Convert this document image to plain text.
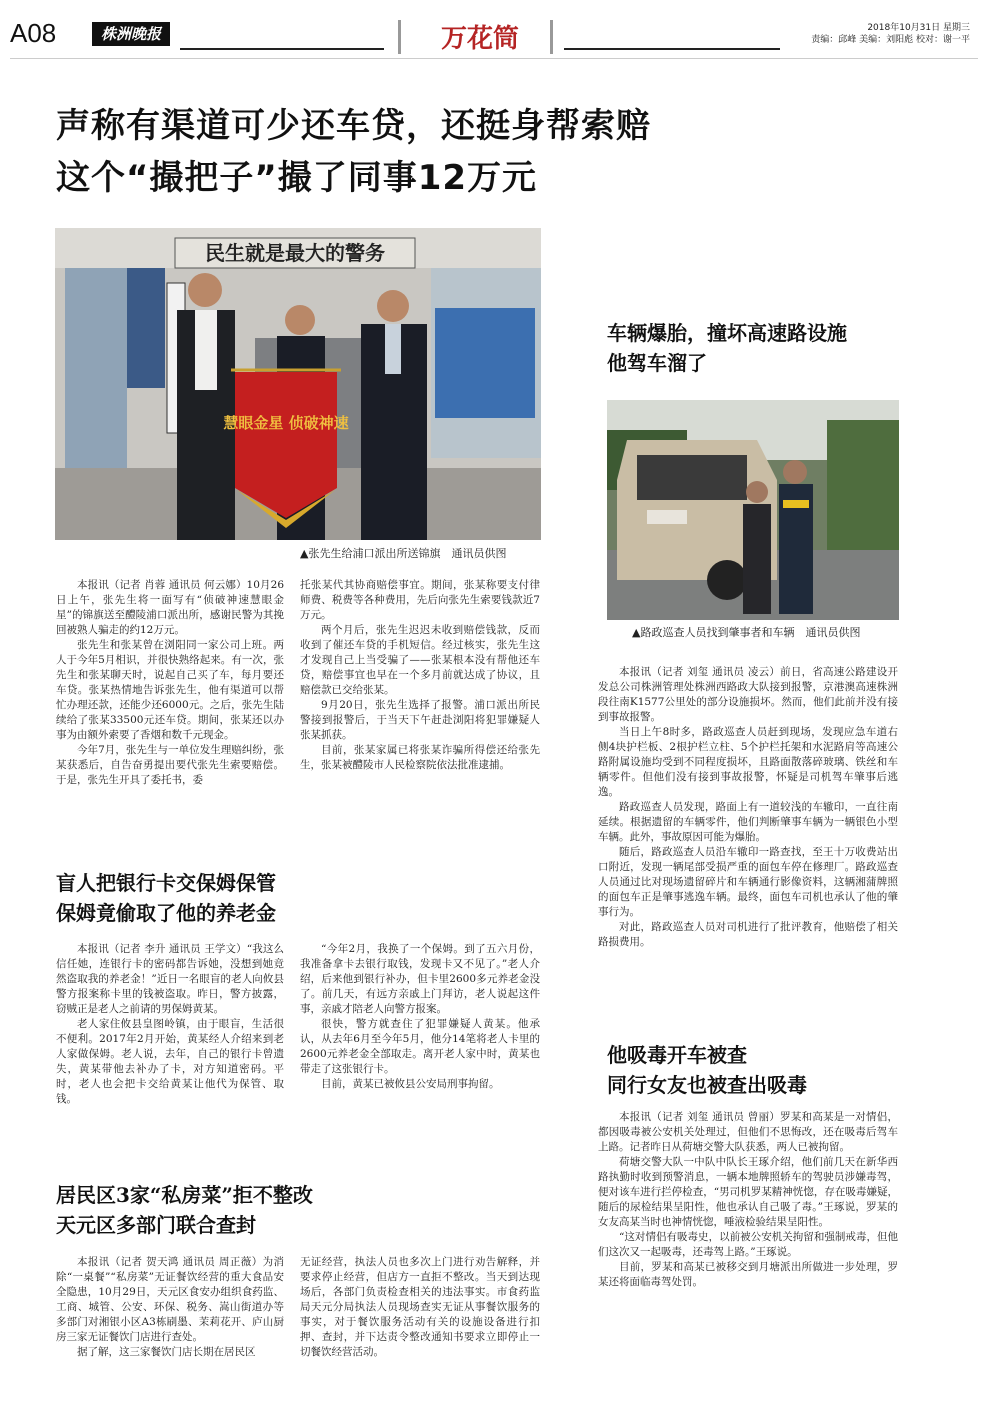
A08	株洲晚报	万花筒	2018年10月31日 星期三
责编：邱峰 美编：刘阳彪 校对：谢一平
声称有渠道可少还车贷，还挺身帮索赔
这个“撮把子”撮了同事12万元
民生就是最大的警务
慧眼金星 侦破神速
▲张先生给浦口派出所送锦旗　通讯员供图

本报讯（记者 肖蓉 通讯员 何云娜）10月26日上午，张先生将一面写有“侦破神速慧眼金星”的锦旗送至醴陵浦口派出所，感谢民警为其挽回被熟人骗走的约12万元。

张先生和张某曾在浏阳同一家公司上班。两人于今年5月相识，并很快熟络起来。有一次，张先生和张某聊天时，说起自己买了车，每月要还车贷。张某热情地告诉张先生，他有渠道可以帮忙办理还款，还能少还6000元。之后，张先生陆续给了张某33500元还车贷。期间，张某还以办事为由额外索要了香烟和数千元现金。

今年7月，张先生与一单位发生理赔纠纷，张某获悉后，自告奋勇提出要代张先生索要赔偿。于是，张先生开具了委托书，委

托张某代其协商赔偿事宜。期间，张某称要支付律师费、税费等各种费用，先后向张先生索要钱款近7万元。

两个月后，张先生迟迟未收到赔偿钱款，反而收到了催还车贷的手机短信。经过核实，张先生这才发现自己上当受骗了——张某根本没有帮他还车贷，赔偿事宜也早在一个多月前就达成了协议，且赔偿款已交给张某。

9月20日，张先生选择了报警。浦口派出所民警接到报警后，于当天下午赶赴浏阳将犯罪嫌疑人张某抓获。

目前，张某家属已将张某诈骗所得偿还给张先生，张某被醴陵市人民检察院依法批准逮捕。

盲人把银行卡交保姆保管
保姆竟偷取了他的养老金

本报讯（记者 李升 通讯员 王学文）“我这么信任她，连银行卡的密码都告诉她，没想到她竟然盗取我的养老金！”近日一名眼盲的老人向攸县警方报案称卡里的钱被盗取。昨日，警方披露，窃贼正是老人之前请的男保姆黄某。

老人家住攸县皇图岭镇，由于眼盲，生活很不便利。2017年2月开始，黄某经人介绍来到老人家做保姆。老人说，去年，自己的银行卡曾遗失，黄某带他去补办了卡，对方知道密码。平时，老人也会把卡交给黄某让他代为保管、取钱。

“今年2月，我换了一个保姆。到了五六月份，我准备拿卡去银行取钱，发现卡又不见了。”老人介绍，后来他到银行补办，但卡里2600多元养老金没了。前几天，有远方亲戚上门拜访，老人说起这件事，亲戚才陪老人向警方报案。

很快，警方就查住了犯罪嫌疑人黄某。他承认，从去年6月至今年5月，他分14笔将老人卡里的2600元养老金全部取走。离开老人家中时，黄某也带走了这张银行卡。

目前，黄某已被攸县公安局刑事拘留。

居民区3家“私房菜”拒不整改
天元区多部门联合查封

本报讯（记者 贺天鸿 通讯员 周正薇）为消除“一桌餐”“私房菜”无证餐饮经营的重大食品安全隐患，10月29日，天元区食安办组织食药监、工商、城管、公安、环保、税务、嵩山街道办等多部门对湘银小区A3栋刷墨、茉莉花开、庐山厨房三家无证餐饮门店进行查处。

据了解，这三家餐饮门店长期在居民区

无证经营，执法人员也多次上门进行劝告解释，并要求停止经营，但店方一直拒不整改。当天到达现场后，各部门负责检查相关的违法事实。市食药监局天元分局执法人员现场查实无证从事餐饮服务的事实，对于餐饮服务活动有关的设施设备进行扣押、查封，并下达责令整改通知书要求立即停止一切餐饮经营活动。

车辆爆胎，撞坏高速路设施
他驾车溜了
▲路政巡查人员找到肇事者和车辆　通讯员供图

本报讯（记者 刘玺 通讯员 凌云）前日，省高速公路建设开发总公司株洲管理处株洲西路政大队接到报警，京港澳高速株洲段往南K1577公里处的部分设施损坏。然而，他们此前并没有接到事故报警。

当日上午8时多，路政巡查人员赶到现场，发现应急车道右侧4块护栏板、2根护栏立柱、5个护栏托架和水泥路肩等高速公路附属设施均受到不同程度损坏，且路面散落碎玻璃、铁丝和车辆零件。但他们没有接到事故报警，怀疑是司机驾车肇事后逃逸。

路政巡查人员发现，路面上有一道较浅的车辙印，一直往南延续。根据遗留的车辆零件，他们判断肇事车辆为一辆银色小型车辆。此外，事故原因可能为爆胎。

随后，路政巡查人员沿车辙印一路查找，至王十万收费站出口附近，发现一辆尾部受损严重的面包车停在修理厂。路政巡查人员通过比对现场遗留碎片和车辆通行影像资料，这辆湘蒲牌照的面包车正是肇事逃逸车辆。最终，面包车司机也承认了他的肇事行为。

对此，路政巡查人员对司机进行了批评教育，他赔偿了相关路损费用。

他吸毒开车被查
同行女友也被查出吸毒

本报讯（记者 刘玺 通讯员 曾丽）罗某和高某是一对情侣，都因吸毒被公安机关处理过，但他们不思悔改，还在吸毒后驾车上路。记者昨日从荷塘交警大队获悉，两人已被拘留。

荷塘交警大队一中队中队长王琢介绍，他们前几天在新华西路执勤时收到预警消息，一辆本地牌照轿车的驾驶员涉嫌毒驾，便对该车进行拦停检查，“男司机罗某精神恍惚，存在吸毒嫌疑，随后的尿检结果呈阳性，他也承认自己吸了毒。”王琢说，罗某的女友高某当时也神情恍惚，唾液检验结果呈阳性。

“这对情侣有吸毒史，以前被公安机关拘留和强制戒毒，但他们这次又一起吸毒，还毒驾上路。”王琢说。

目前，罗某和高某已被移交到月塘派出所做进一步处理，罗某还将面临毒驾处罚。
